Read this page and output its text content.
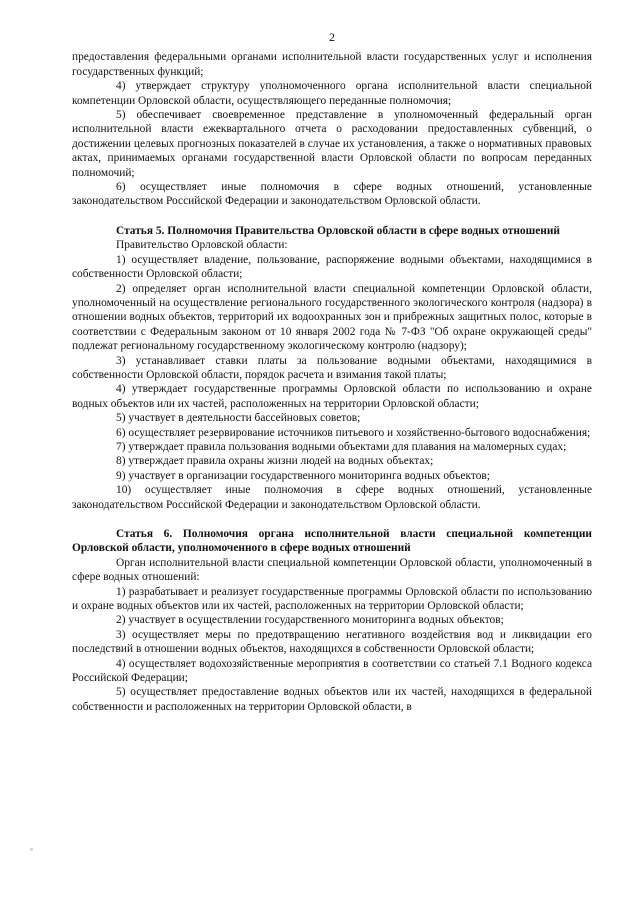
2

предоставления федеральными органами исполнительной власти государственных услуг и исполнения государственных функций;

4) утверждает структуру уполномоченного органа исполнительной власти специальной компетенции Орловской области, осуществляющего переданные полномочия;

5) обеспечивает своевременное представление в уполномоченный федеральный орган исполнительной власти ежеквартального отчета о расходовании предоставленных субвенций, о достижении целевых прогнозных показателей в случае их установления, а также о нормативных правовых актах, принимаемых органами государственной власти Орловской области по вопросам переданных полномочий;

6) осуществляет иные полномочия в сфере водных отношений, установленные законодательством Российской Федерации и законодательством Орловской области.

Статья 5. Полномочия Правительства Орловской области в сфере водных отношений

Правительство Орловской области:

1) осуществляет владение, пользование, распоряжение водными объектами, находящимися в собственности Орловской области;

2) определяет орган исполнительной власти специальной компетенции Орловской области, уполномоченный на осуществление регионального государственного экологического контроля (надзора) в отношении водных объектов, территорий их водоохранных зон и прибрежных защитных полос, которые в соответствии с Федеральным законом от 10 января 2002 года № 7-ФЗ "Об охране окружающей среды" подлежат региональному государственному экологическому контролю (надзору);

3) устанавливает ставки платы за пользование водными объектами, находящимися в собственности Орловской области, порядок расчета и взимания такой платы;

4) утверждает государственные программы Орловской области по использованию и охране водных объектов или их частей, расположенных на территории Орловской области;

5) участвует в деятельности бассейновых советов;

6) осуществляет резервирование источников питьевого и хозяйственно-бытового водоснабжения;

7) утверждает правила пользования водными объектами для плавания на маломерных судах;

8) утверждает правила охраны жизни людей на водных объектах;

9) участвует в организации государственного мониторинга водных объектов;

10) осуществляет иные полномочия в сфере водных отношений, установленные законодательством Российской Федерации и законодательством Орловской области.

Статья 6. Полномочия органа исполнительной власти специальной компетенции Орловской области, уполномоченного в сфере водных отношений

Орган исполнительной власти специальной компетенции Орловской области, уполномоченный в сфере водных отношений:

1) разрабатывает и реализует государственные программы Орловской области по использованию и охране водных объектов или их частей, расположенных на территории Орловской области;

2) участвует в осуществлении государственного мониторинга водных объектов;

3) осуществляет меры по предотвращению негативного воздействия вод и ликвидации его последствий в отношении водных объектов, находящихся в собственности Орловской области;

4) осуществляет водохозяйственные мероприятия в соответствии со статьей 7.1 Водного кодекса Российской Федерации;

5) осуществляет предоставление водных объектов или их частей, находящихся в федеральной собственности и расположенных на территории Орловской области, в
